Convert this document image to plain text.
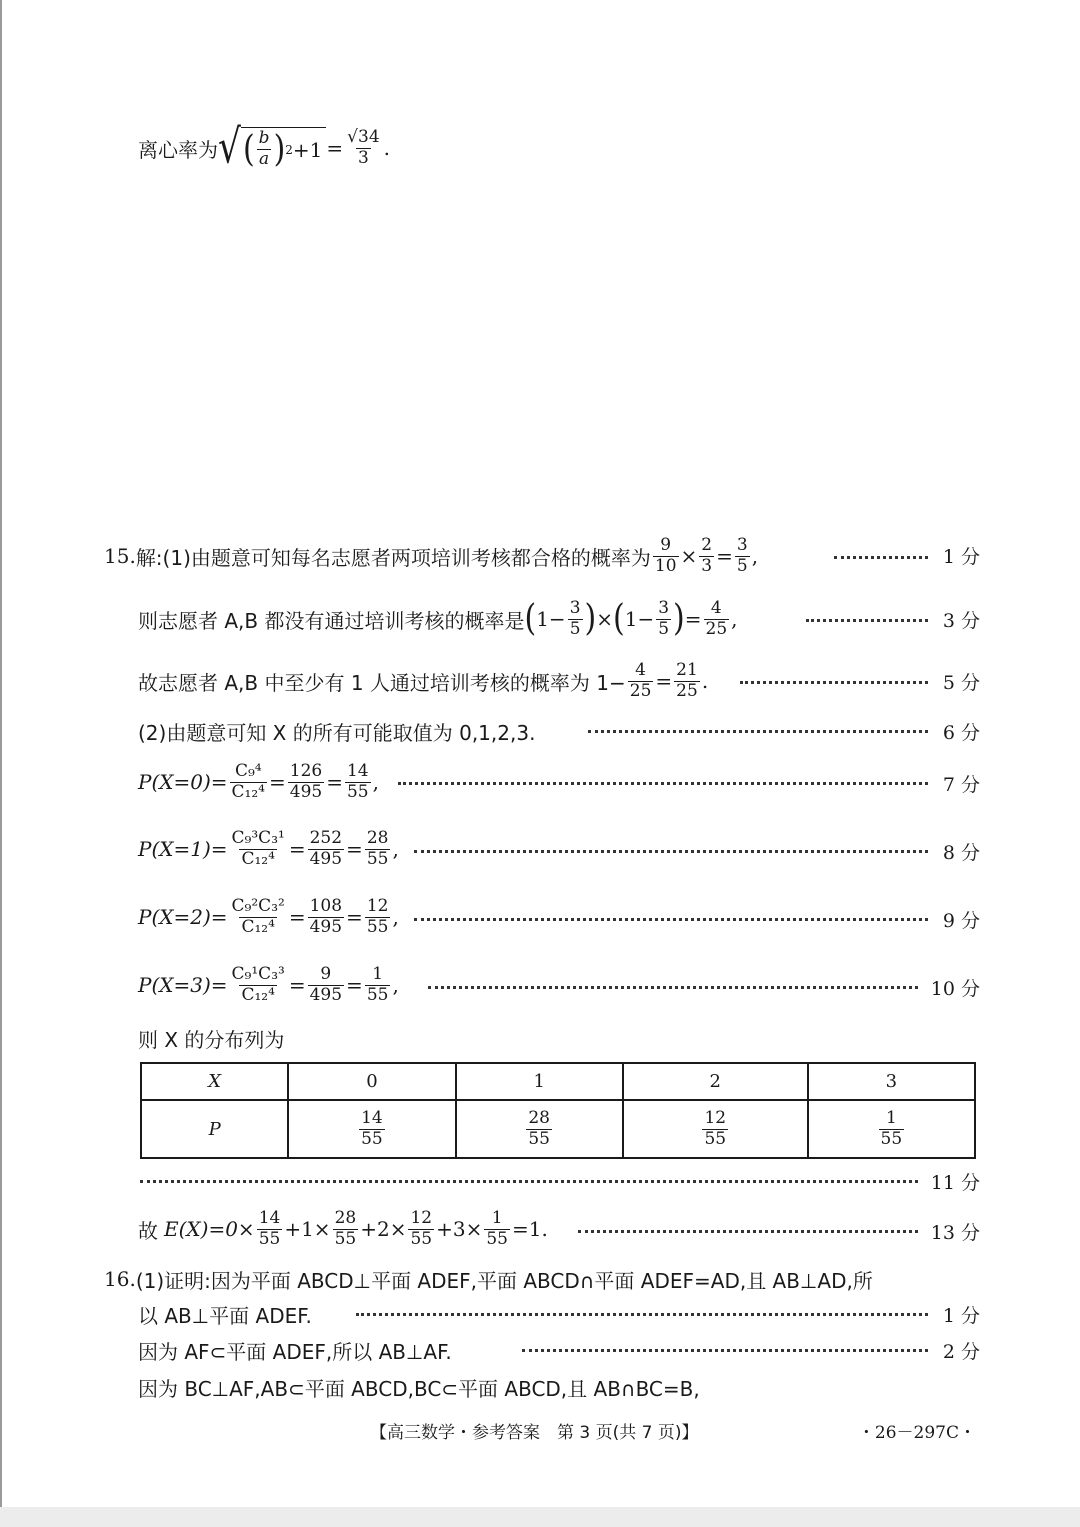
离心率为 √ ( $\frac{b}{a}$ ) $2 +1 = \frac{√34}{3}$ .
15. 解:(1)由题意可知每名志愿者两项培训考核都合格的概率为 $\frac{9}{10} \times \frac{2}{3} = \frac{3}{5}$ ,	1 分
则志愿者 A,B 都没有通过培训考核的概率是 ( $1- \frac{3}{5}$ ) × ( $1- \frac{3}{5}$ ) = $\frac{4}{25}$ ,	3 分
故志愿者 A,B 中至少有 1 人通过培训考核的概率为 $1- \frac{4}{25} = \frac{21}{25}$ .	5 分
(2)由题意可知 X 的所有可能取值为 0,1,2,3.	6 分
$P(X=0)= \frac{\text{C₉⁴}}{\text{C₁₂⁴}} = \frac{126}{495} = \frac{14}{55}$ ,	7 分
$P(X=1)= \frac{\text{C₉³C₃¹}}{\text{C₁₂⁴}} = \frac{252}{495} = \frac{28}{55}$ ,	8 分
$P(X=2)= \frac{\text{C₉²C₃²}}{\text{C₁₂⁴}} = \frac{108}{495} = \frac{12}{55}$ ,	9 分
$P(X=3)= \frac{\text{C₉¹C₃³}}{\text{C₁₂⁴}} = \frac{9}{495} = \frac{1}{55}$ ,	10 分
则 X 的分布列为
X	0	1	2	3
P	$\frac{14}{55}$	$\frac{28}{55}$	$\frac{12}{55}$	$\frac{1}{55}$
11 分
故 $E(X)=0\times \frac{14}{55} +1\times \frac{28}{55} +2\times \frac{12}{55} +3\times \frac{1}{55} =1$.	13 分
16. (1)证明:因为平面 ABCD⊥平面 ADEF,平面 ABCD∩平面 ADEF=AD,且 AB⊥AD,所
以 AB⊥平面 ADEF.	1 分
因为 AF⊂平面 ADEF,所以 AB⊥AF.	2 分
因为 BC⊥AF,AB⊂平面 ABCD,BC⊂平面 ABCD,且 AB∩BC=B,
【高三数学・参考答案　第 3 页(共 7 页)】	・26－297C・
